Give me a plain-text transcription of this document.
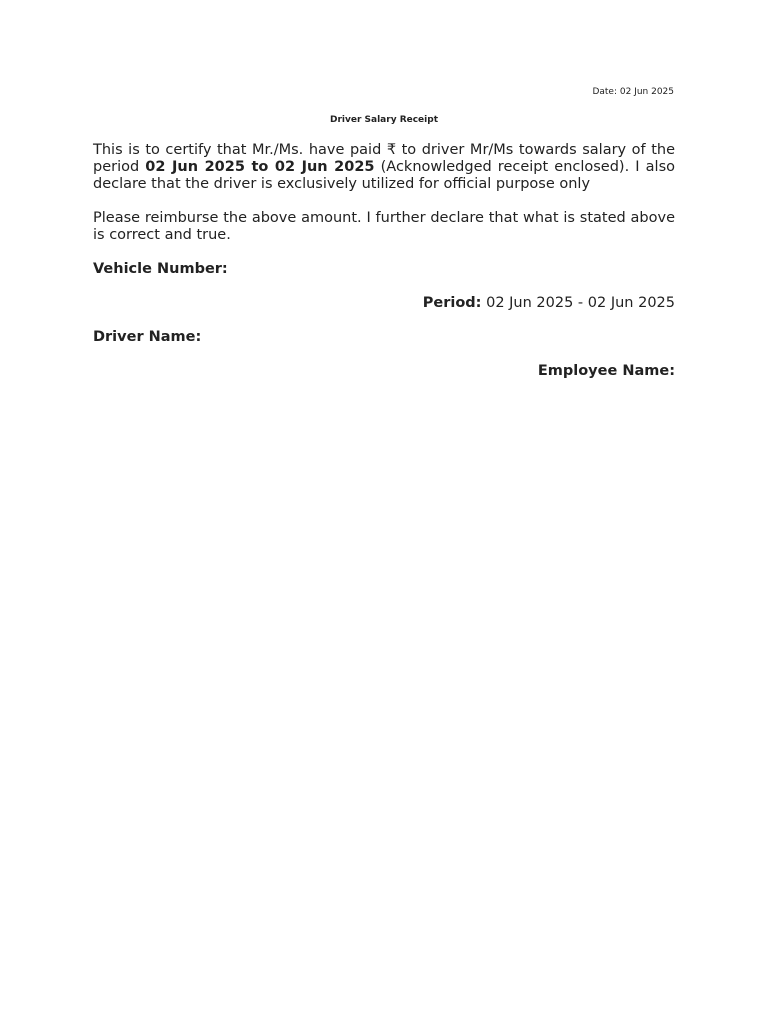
Date: 02 Jun 2025
Driver Salary Receipt

This is to certify that Mr./Ms. have paid ₹ to driver Mr/Ms towards salary of the period 02 Jun 2025 to 02 Jun 2025 (Acknowledged receipt enclosed). I also declare that the driver is exclusively utilized for official purpose only

Please reimburse the above amount. I further declare that what is stated above is correct and true.

Vehicle Number:
Period: 02 Jun 2025 - 02 Jun 2025
Driver Name:
Employee Name:
